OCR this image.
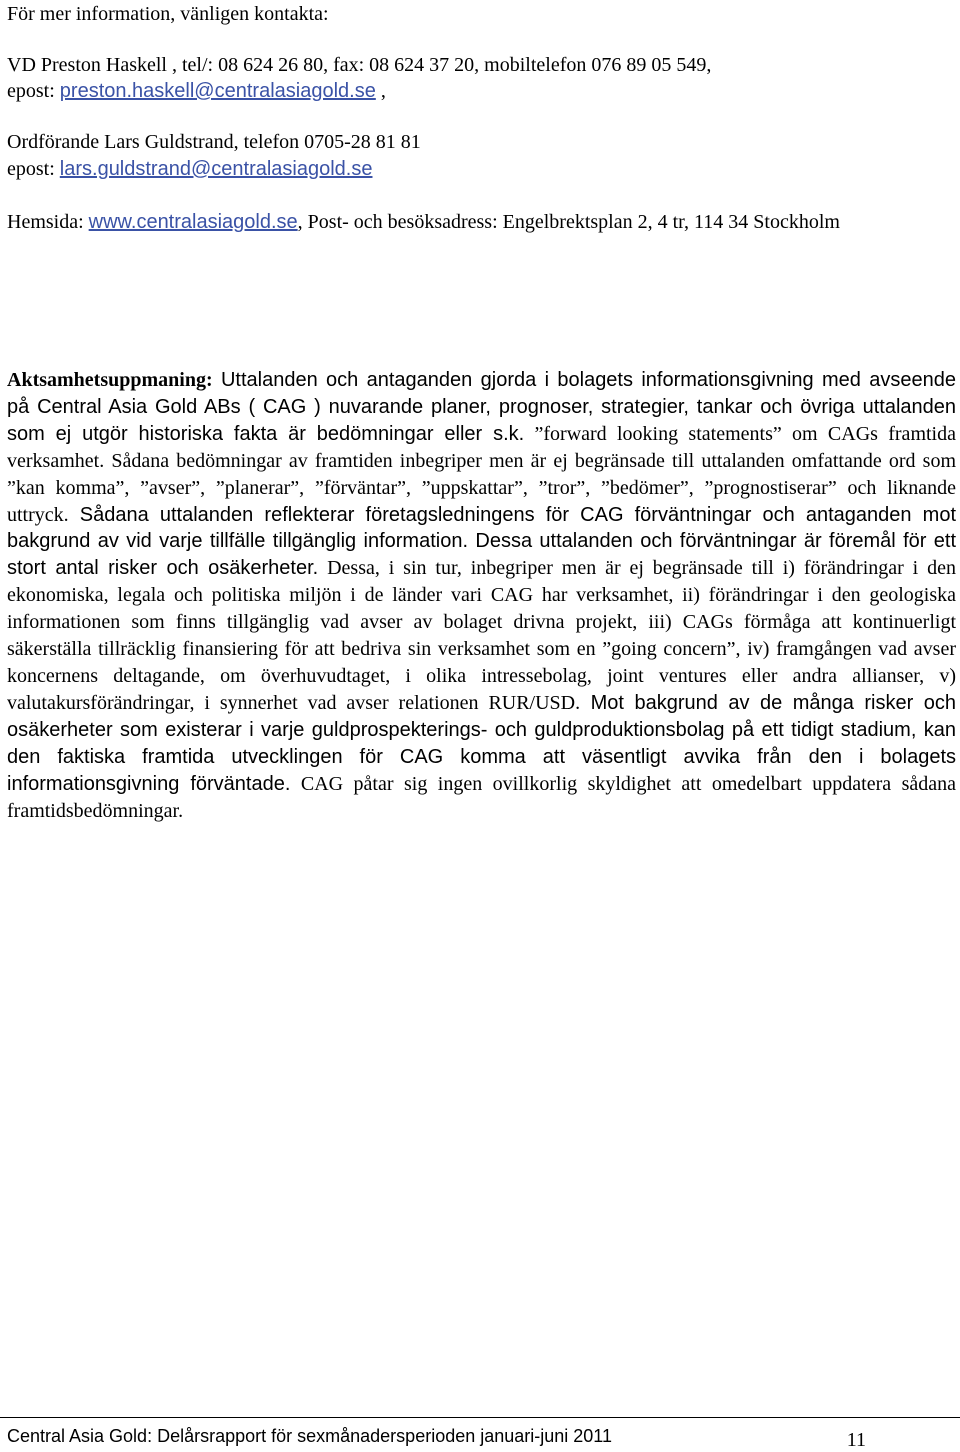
För mer information, vänligen kontakta:
VD Preston Haskell , tel/: 08 624 26 80, fax: 08 624 37 20, mobiltelefon 076 89 05 549,
epost: preston.haskell@centralasiagold.se ,
Ordförande Lars Guldstrand, telefon 0705-28 81 81
epost: lars.guldstrand@centralasiagold.se
Hemsida: www.centralasiagold.se, Post- och besöksadress: Engelbrektsplan 2, 4 tr, 114 34 Stockholm
Aktsamhetsuppmaning: Uttalanden och antaganden gjorda i bolagets informationsgivning med avseende på Central Asia Gold ABs ( CAG ) nuvarande planer, prognoser, strategier, tankar och övriga uttalanden som ej utgör historiska fakta är bedömningar eller s.k. ”forward looking statements” om CAGs framtida verksamhet. Sådana bedömningar av framtiden inbegriper men är ej begränsade till uttalanden omfattande ord som ”kan komma”, ”avser”, ”planerar”, ”förväntar”, ”uppskattar”, ”tror”, ”bedömer”, ”prognostiserar” och liknande uttryck. Sådana uttalanden reflekterar företagsledningens för CAG förväntningar och antaganden mot bakgrund av vid varje tillfälle tillgänglig information. Dessa uttalanden och förväntningar är föremål för ett stort antal risker och osäkerheter. Dessa, i sin tur, inbegriper men är ej begränsade till i) förändringar i den ekonomiska, legala och politiska miljön i de länder vari CAG har verksamhet, ii) förändringar i den geologiska informationen som finns tillgänglig vad avser av bolaget drivna projekt, iii) CAGs förmåga att kontinuerligt säkerställa tillräcklig finansiering för att bedriva sin verksamhet som en ”going concern”, iv) framgången vad avser koncernens deltagande, om överhuvudtaget, i olika intressebolag, joint ventures eller andra allianser, v) valutakursförändringar, i synnerhet vad avser relationen RUR/USD. Mot bakgrund av de många risker och osäkerheter som existerar i varje guldprospekterings- och guldproduktionsbolag på ett tidigt stadium, kan den faktiska framtida utvecklingen för CAG komma att väsentligt avvika från den i bolagets informationsgivning förväntade. CAG påtar sig ingen ovillkorlig skyldighet att omedelbart uppdatera sådana framtidsbedömningar.
Central Asia Gold: Delårsrapport för sexmånadersperioden januari-juni 2011	11
